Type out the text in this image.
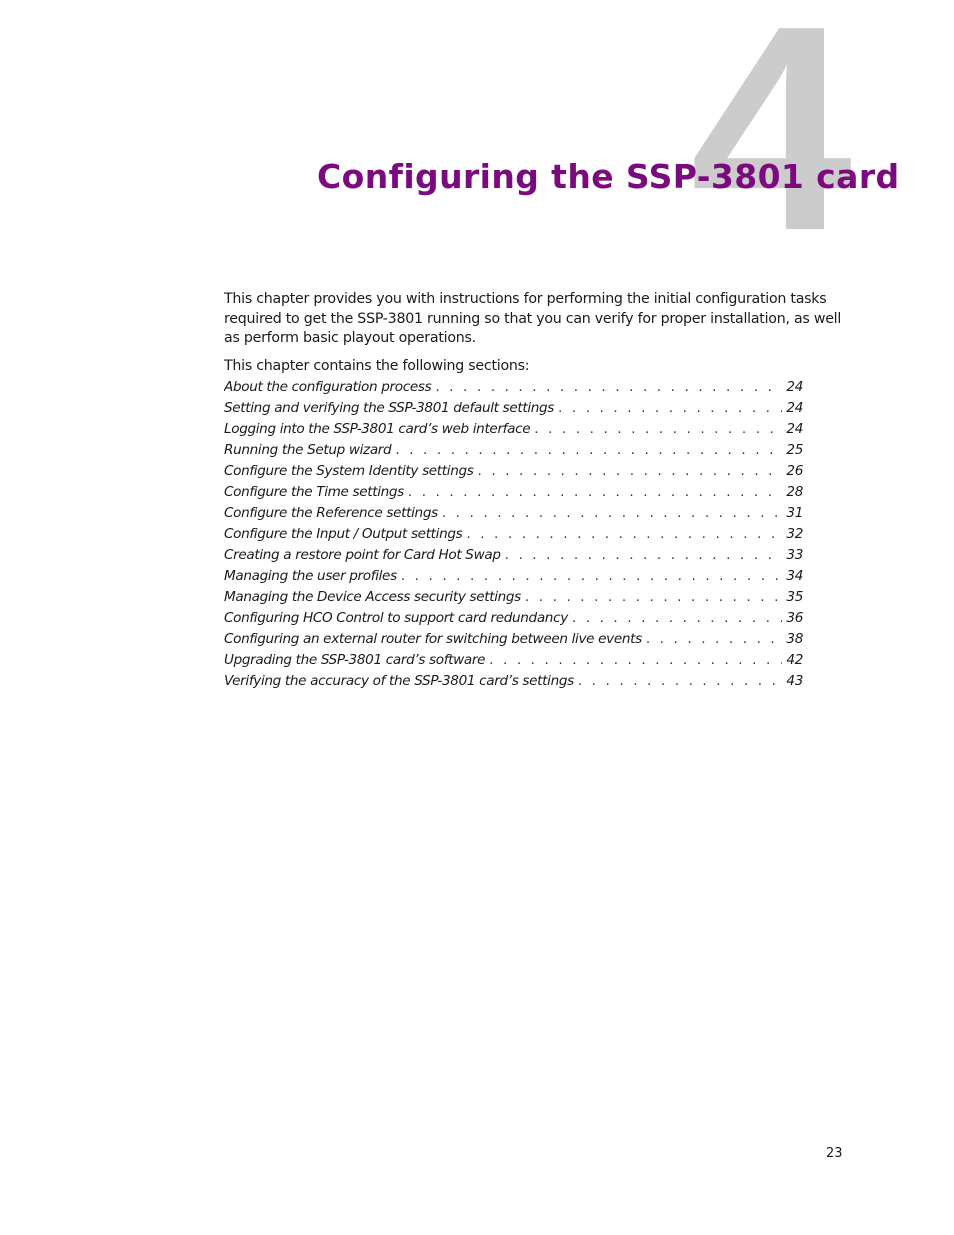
4
Configuring the SSP-3801 card

This chapter provides you with instructions for performing the initial configuration tasks required to get the SSP-3801 running so that you can verify for proper installation, as well as perform basic playout operations.

This chapter contains the following sections:

About the configuration process . . .	24
Setting and verifying the SSP-3801 default settings . . .	24
Logging into the SSP-3801 card’s web interface . . .	24
Running the Setup wizard . . .	25
Configure the System Identity settings . . .	26
Configure the Time settings . . .	28
Configure the Reference settings . . .	31
Configure the Input / Output settings . . .	32
Creating a restore point for Card Hot Swap . . .	33
Managing the user profiles . . .	34
Managing the Device Access security settings . . .	35
Configuring HCO Control to support card redundancy . . .	36
Configuring an external router for switching between live events . . .	38
Upgrading the SSP-3801 card’s software . . .	42
Verifying the accuracy of the SSP-3801 card’s settings . . .	43
23
